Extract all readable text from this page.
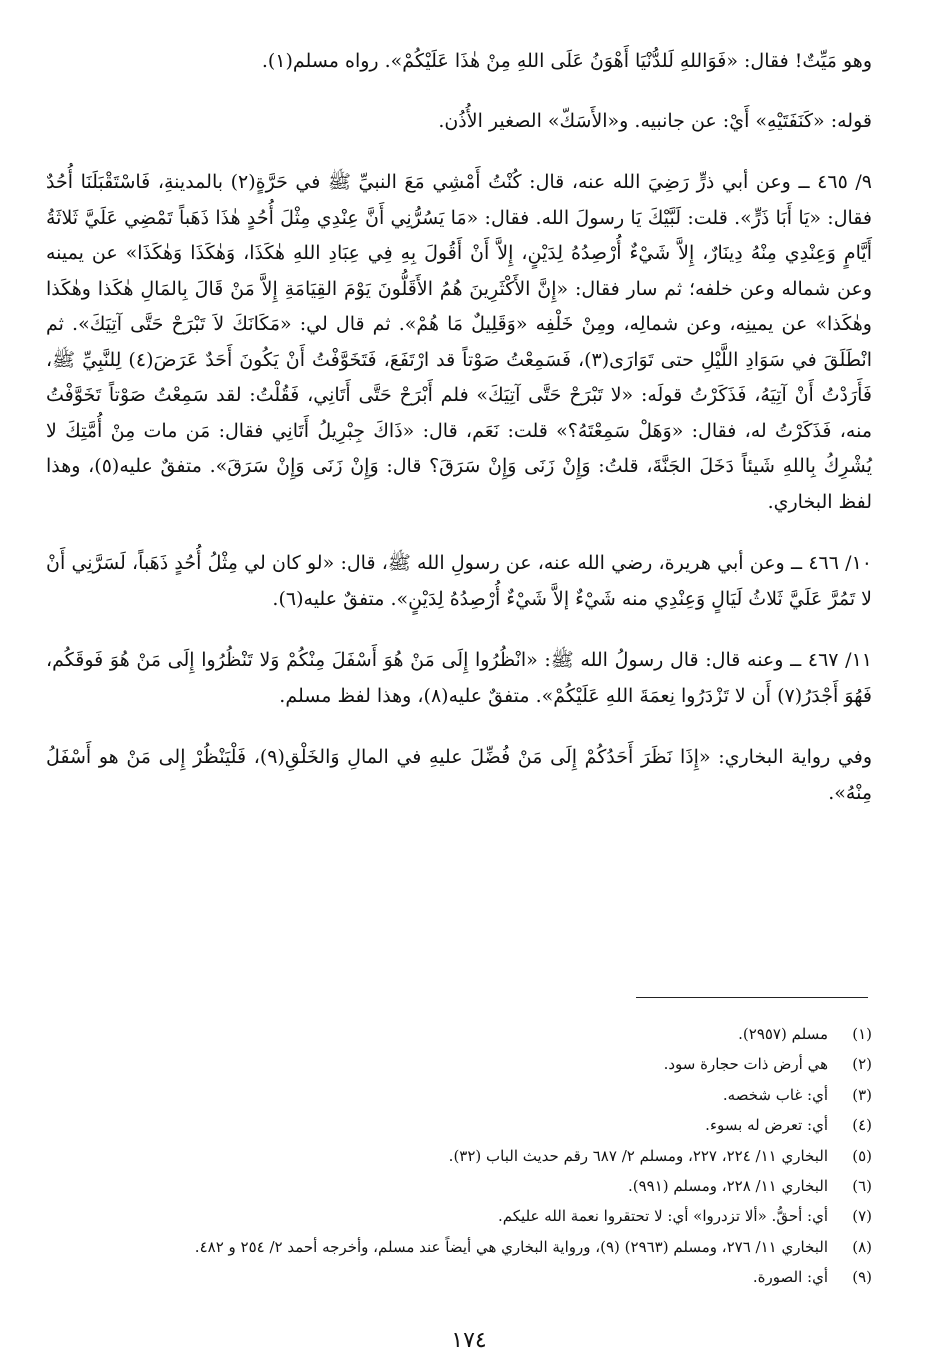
وهو مَيِّتٌ! فقال: «فَوَاللهِ لَلدُّنْيَا أَهْوَنُ عَلَى اللهِ مِنْ هٰذَا عَلَيْكُمْ». رواه مسلم(١).

قوله: «كَنَفَتَيْهِ» أَيْ: عن جانبيه. و«الأَسَكّ» الصغير الأُذُن.

٩/ ٤٦٥ ــ وعن أبي ذرٍّ رَضِيَ الله عنه، قال: كُنْتُ أَمْشِي مَعَ النبيِّ ﷺ في حَرَّةٍ(٢) بالمدينةِ، فَاسْتَقْبَلَنَا أُحُدٌ فقال: «يَا أَبَا ذَرٍّ». قلت: لَبَّيْكَ يَا رسولَ الله. فقال: «مَا يَسُرُّنِي أَنَّ عِنْدِي مِثْلَ أُحُدٍ هٰذَا ذَهَباً تَمْضِي عَلَيَّ ثَلاثَةُ أَيَّامٍ وَعِنْدِي مِنْهُ دِينَارٌ، إِلاَّ شَيْءٌ أُرْصِدُهُ لِدَيْنٍ، إِلاَّ أَنْ أَقُولَ بِهِ فِي عِبَادِ اللهِ هٰكَذَا، وَهٰكَذَا وَهٰكَذَا» عن يمينه وعن شماله وعن خلفه؛ ثم سار فقال: «إِنَّ الأَكْثَرِينَ هُمُ الأَقَلُّونَ يَوْمَ القِيَامَةِ إِلاَّ مَنْ قَالَ بِالمَالِ هٰكَذا وهٰكَذا وهٰكَذا» عن يمينِه، وعن شمالِه، ومِنْ خَلْفِه «وَقَلِيلٌ مَا هُمْ». ثم قال لي: «مَكَانَكَ لاَ تَبْرَحْ حَتَّى آتِيَكَ». ثم انْطَلَقَ في سَوَادِ اللَّيْلِ حتى تَوَارَى(٣)، فَسَمِعْتُ صَوْتاً قد ارْتَفَعَ، فَتَخَوَّفْتُ أَنْ يَكُونَ أَحَدٌ عَرَضَ(٤) لِلنَّبِيِّ ﷺ، فَأَرَدْتُ أَنْ آتِيَهُ، فَذَكَرْتُ قولَه: «لا تَبْرَحْ حَتَّى آتِيَكَ» فلم أَبْرَحْ حَتَّى أَتَانِي، فَقُلْتُ: لقد سَمِعْتُ صَوْتاً تَخَوَّفْتُ منه، فَذَكَرْتُ له، فقال: «وَهَلْ سَمِعْتَهُ؟» قلت: نَعَم، قال: «ذَاكَ جِبْرِيلُ أَتَانِي فقال: مَن مات مِنْ أُمَّتِكَ لا يُشْرِكُ بِاللهِ شَيئاً دَخَلَ الجَنَّةَ، قلتُ: وَإِنْ زَنَى وَإِنْ سَرَقَ؟ قال: وَإِنْ زَنَى وَإِنْ سَرَقَ». متفقٌ عليه(٥)، وهذا لفظ البخاري.

١٠/ ٤٦٦ ــ وعن أبي هريرة، رضي الله عنه، عن رسولِ الله ﷺ، قال: «لو كان لي مِثْلُ أُحُدٍ ذَهَباً، لَسَرَّنِي أَنْ لا تَمُرَّ عَلَيَّ ثَلاثُ لَيَالٍ وَعِنْدِي منه شَيْءٌ إلاَّ شَيْءٌ أُرْصِدُهُ لِدَيْنٍ». متفقٌ عليه(٦).

١١/ ٤٦٧ ــ وعنه قال: قال رسولُ الله ﷺ: «انْظُرُوا إِلَى مَنْ هُوَ أَسْفَلَ مِنْكُمْ وَلا تَنْظُرُوا إِلَى مَنْ هُوَ فَوقَكُم، فَهُوَ أَجْدَرُ(٧) أَن لا تَزْدَرُوا نِعمَةَ اللهِ عَلَيْكُمْ». متفقٌ عليه(٨)، وهذا لفظ مسلم.

وفي رواية البخاري: «إِذَا نَظَرَ أَحَدُكُمْ إِلَى مَنْ فُضِّلَ عليهِ في المالِ وَالخَلْقِ(٩)، فَلْيَنْظُرْ إِلى مَنْ هو أَسْفَلُ مِنْهُ».

(١)
مسلم (٢٩٥٧).
(٢)
هي أرض ذات حجارة سود.
(٣)
أي: غاب شخصه.
(٤)
أي: تعرض له بسوء.
(٥)
البخاري ١١/ ٢٢٤، ٢٢٧، ومسلم ٢/ ٦٨٧ رقم حديث الباب (٣٢).
(٦)
البخاري ١١/ ٢٢٨، ومسلم (٩٩١).
(٧)
أي: أحقُّ. «ألا تزدروا» أي: لا تحتقروا نعمة الله عليكم.
(٨)
البخاري ١١/ ٢٧٦، ومسلم (٢٩٦٣) (٩)، ورواية البخاري هي أيضاً عند مسلم، وأخرجه أحمد ٢/ ٢٥٤ و ٤٨٢.
(٩)
أي: الصورة.
١٧٤
